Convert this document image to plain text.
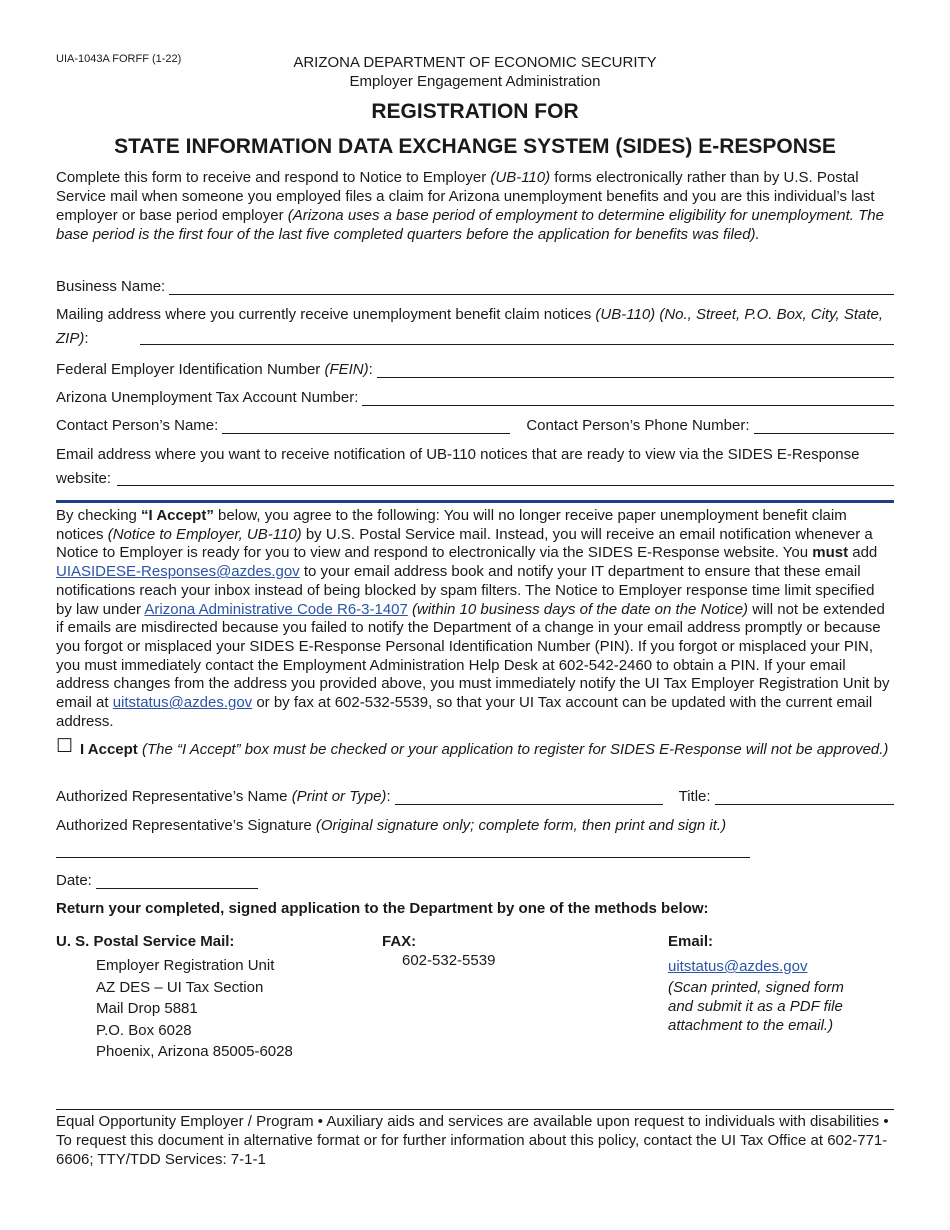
UIA-1043A FORFF (1-22)	ARIZONA DEPARTMENT OF ECONOMIC SECURITY
Employer Engagement Administration
REGISTRATION FOR
STATE INFORMATION DATA EXCHANGE SYSTEM (SIDES) E-RESPONSE
Complete this form to receive and respond to Notice to Employer (UB-110) forms electronically rather than by U.S. Postal Service mail when someone you employed files a claim for Arizona unemployment benefits and you are this individual’s last employer or base period employer (Arizona uses a base period of employment to determine eligibility for unemployment. The base period is the first four of the last five completed quarters before the application for benefits was filed).
Business Name:
Mailing address where you currently receive unemployment benefit claim notices (UB-110) (No., Street, P.O. Box, City, State, ZIP):
Federal Employer Identification Number (FEIN):
Arizona Unemployment Tax Account Number:
Contact Person’s Name:	Contact Person’s Phone Number:
Email address where you want to receive notification of UB-110 notices that are ready to view via the SIDES E-Response website:
By checking “I Accept” below, you agree to the following: You will no longer receive paper unemployment benefit claim notices (Notice to Employer, UB-110) by U.S. Postal Service mail. Instead, you will receive an email notification whenever a Notice to Employer is ready for you to view and respond to electronically via the SIDES E-Response website. You must add UIASIDESE-Responses@azdes.gov to your email address book and notify your IT department to ensure that these email notifications reach your inbox instead of being blocked by spam filters. The Notice to Employer response time limit specified by law under Arizona Administrative Code R6-3-1407 (within 10 business days of the date on the Notice) will not be extended if emails are misdirected because you failed to notify the Department of a change in your email address promptly or because you forgot or misplaced your SIDES E-Response Personal Identification Number (PIN). If you forgot or misplaced your PIN, you must immediately contact the Employment Administration Help Desk at 602-542-2460 to obtain a PIN. If your email address changes from the address you provided above, you must immediately notify the UI Tax Employer Registration Unit by email at uitstatus@azdes.gov or by fax at 602-532-5539, so that your UI Tax account can be updated with the current email address.
☐ I Accept (The “I Accept” box must be checked or your application to register for SIDES E-Response will not be approved.)
Authorized Representative’s Name (Print or Type):	Title:
Authorized Representative’s Signature (Original signature only; complete form, then print and sign it.)
Date:
Return your completed, signed application to the Department by one of the methods below:
U. S. Postal Service Mail:
Employer Registration Unit
AZ DES – UI Tax Section
Mail Drop 5881
P.O. Box 6028
Phoenix, Arizona 85005-6028
FAX:
602-532-5539
Email:
uitstatus@azdes.gov
(Scan printed, signed form and submit it as a PDF file attachment to the email.)
Equal Opportunity Employer / Program • Auxiliary aids and services are available upon request to individuals with disabilities • To request this document in alternative format or for further information about this policy, contact the UI Tax Office at 602-771-6606; TTY/TDD Services: 7-1-1
